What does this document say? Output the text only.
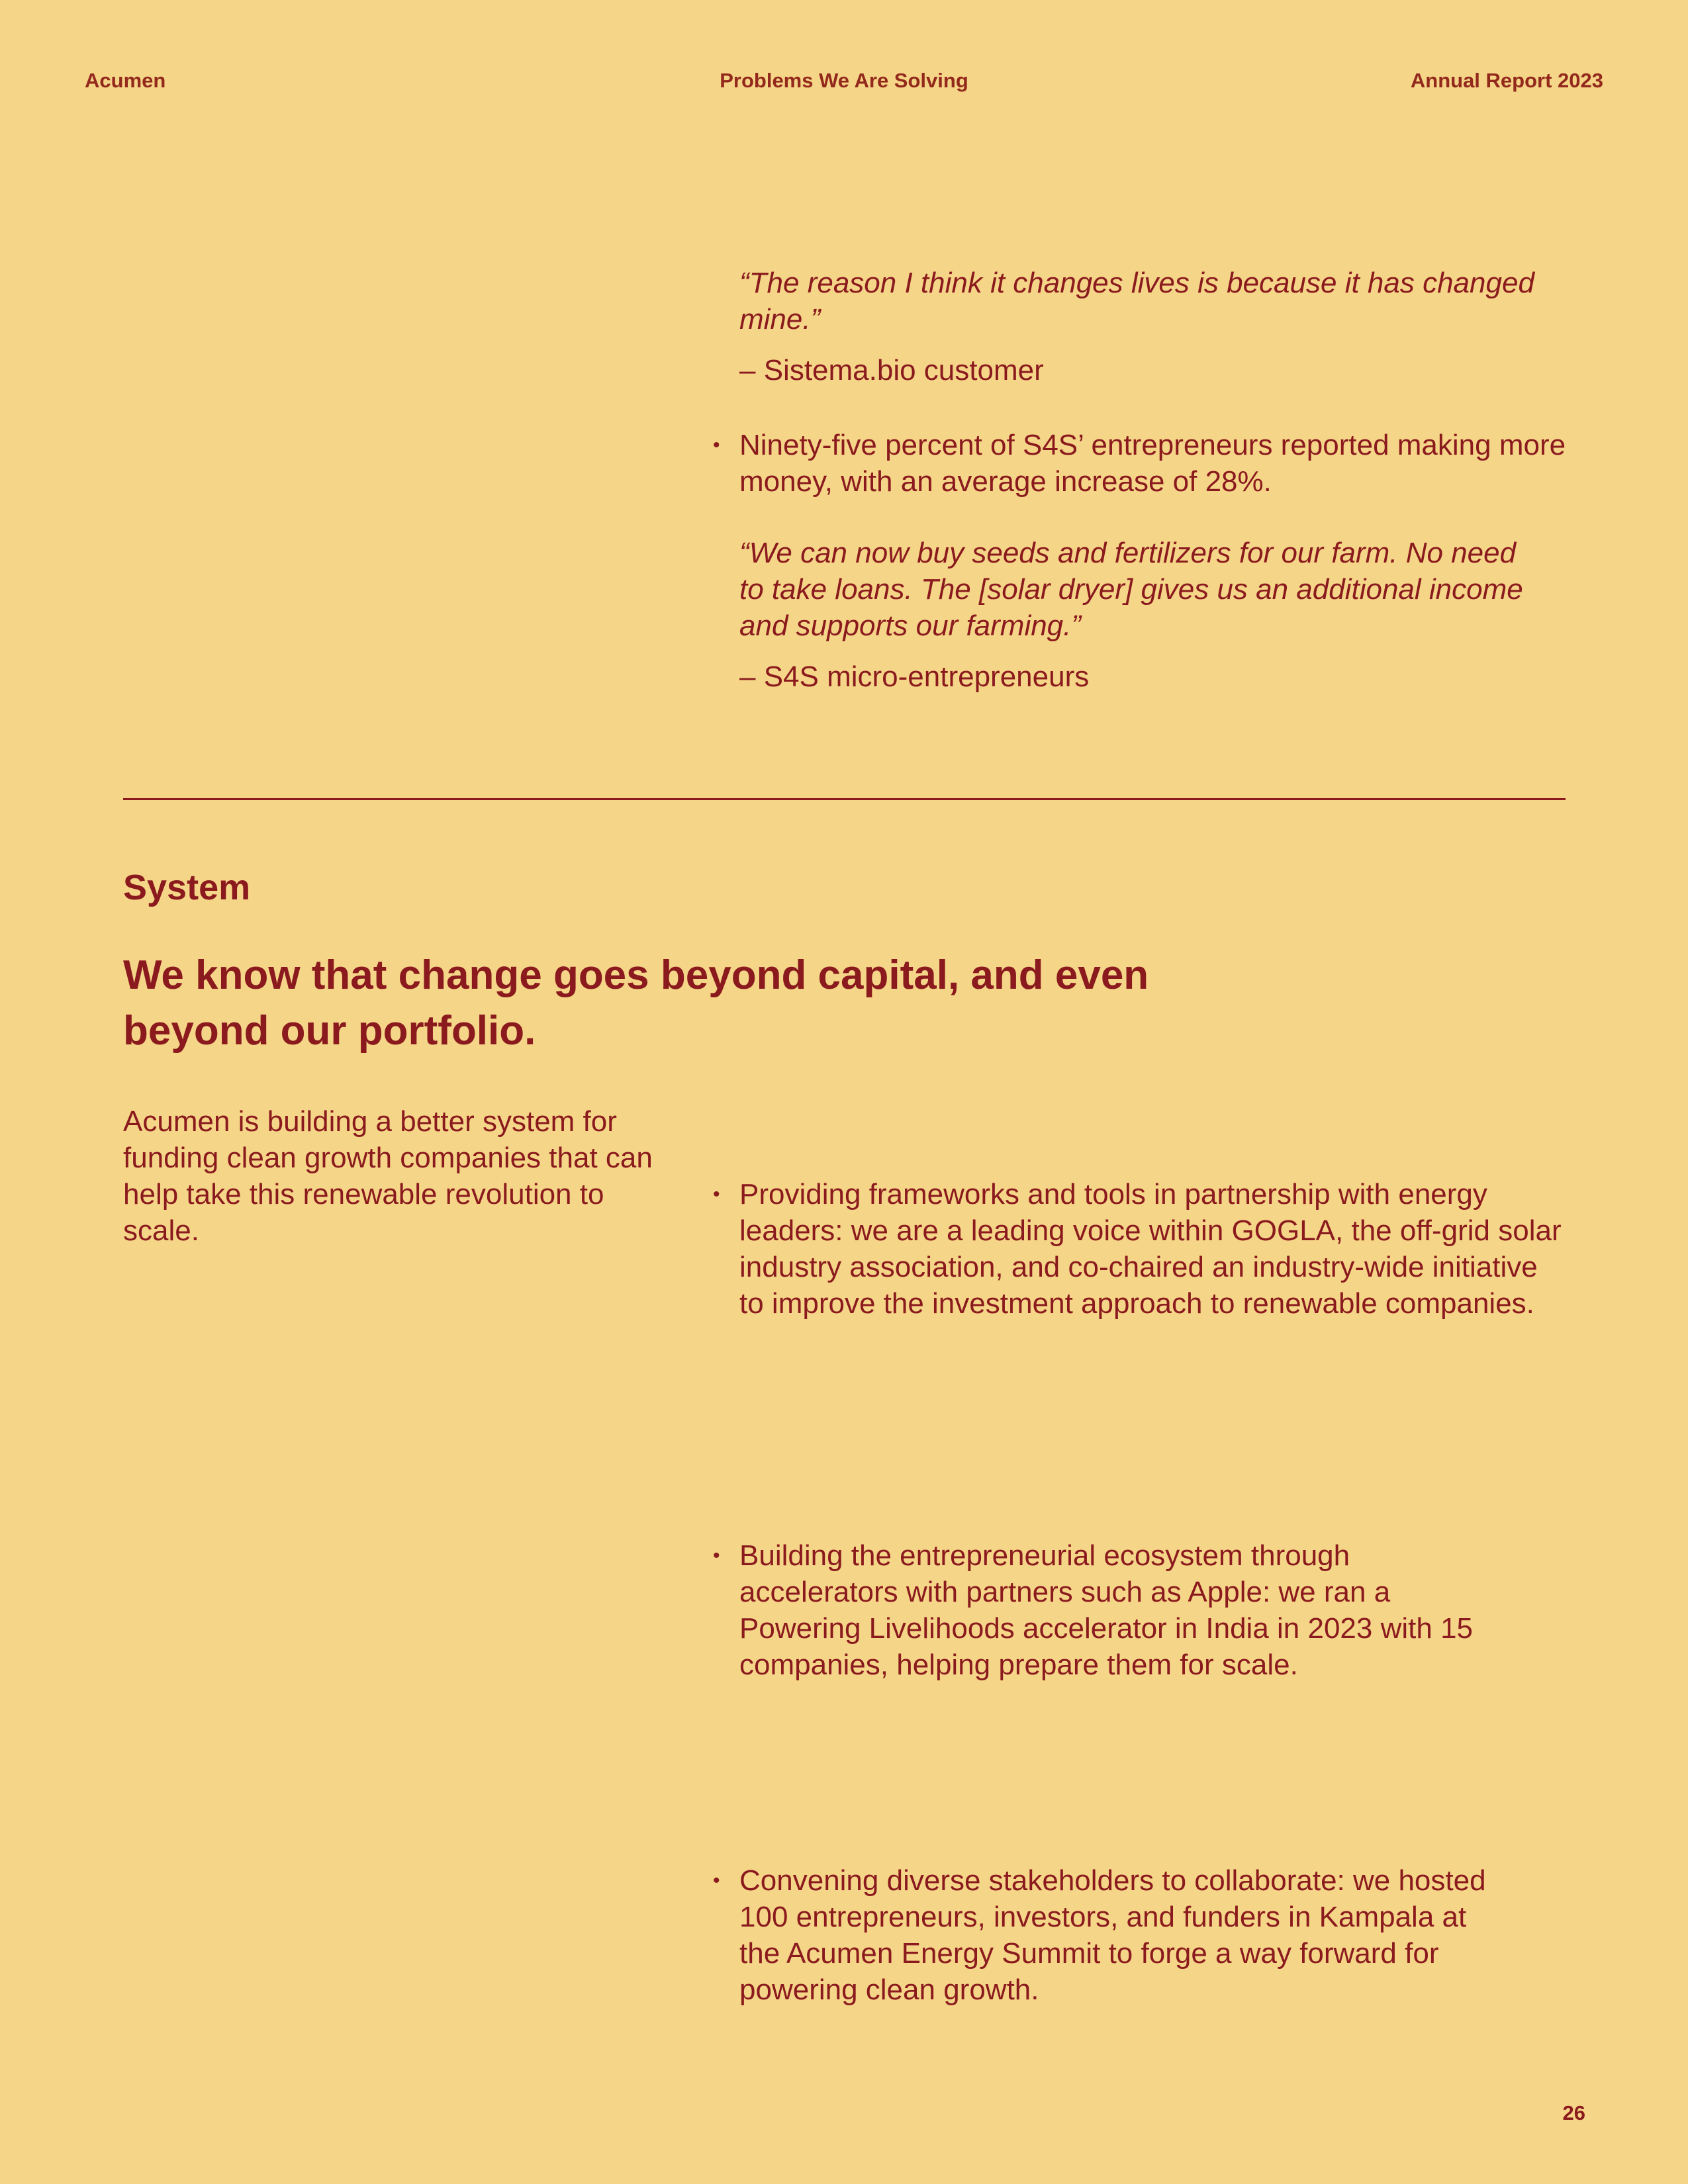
Acumen	Problems We Are Solving	Annual Report 2023

“The reason I think it changes lives is because it has changed mine.”

– Sistema.bio customer

• Ninety-five percent of S4S’ entrepreneurs reported making more money, with an average increase of 28%.

“We can now buy seeds and fertilizers for our farm. No need to take loans. The [solar dryer] gives us an additional income and supports our farming.”

– S4S micro-entrepreneurs

System
We know that change goes beyond capital, and even beyond our portfolio.

Acumen is building a better system for funding clean growth companies that can help take this renewable revolution to scale.

• Providing frameworks and tools in partnership with energy leaders: we are a leading voice within GOGLA, the off-grid solar industry association, and co-chaired an industry-wide initiative to improve the investment approach to renewable companies.
• Building the entrepreneurial ecosystem through accelerators with partners such as Apple: we ran a Powering Livelihoods accelerator in India in 2023 with 15 companies, helping prepare them for scale.
• Convening diverse stakeholders to collaborate: we hosted 100 entrepreneurs, investors, and funders in Kampala at the Acumen Energy Summit to forge a way forward for powering clean growth.
26
